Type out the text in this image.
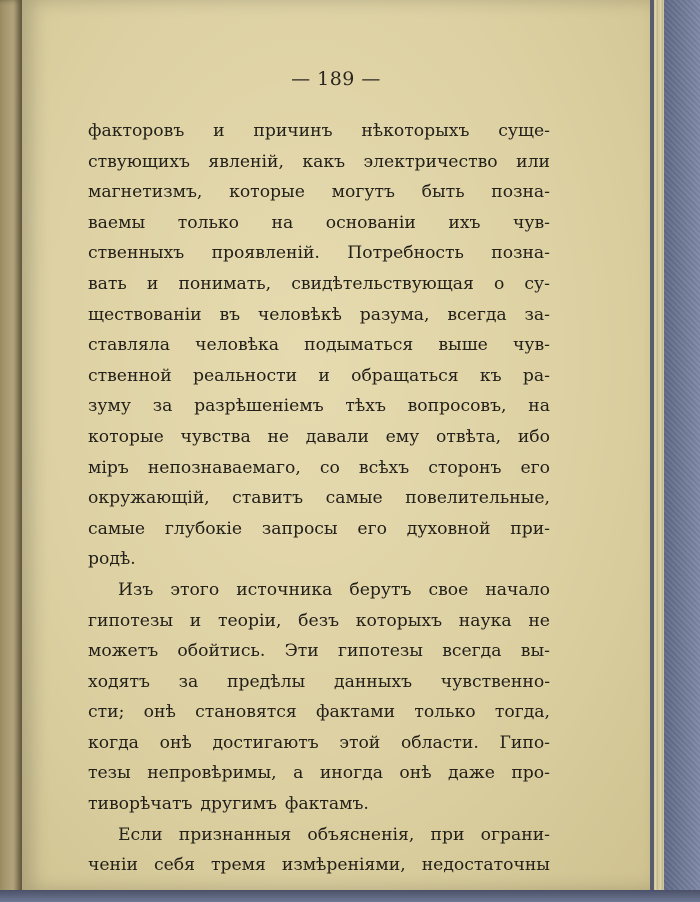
— 189 —
факторовъ и причинъ нѣкоторыхъ суще-
ствующихъ явленій, какъ электричество или
магнетизмъ, которые могутъ быть позна-
ваемы только на основаніи ихъ чув-
ственныхъ проявленій. Потребность позна-
вать и понимать, свидѣтельствующая о су-
ществованіи въ человѣкѣ разума, всегда за-
ставляла человѣка подыматься выше чув-
ственной реальности и обращаться къ ра-
зуму за разрѣшеніемъ тѣхъ вопросовъ, на
которые чувства не давали ему отвѣта, ибо
міръ непознаваемаго, со всѣхъ сторонъ его
окружающій, ставитъ самые повелительные,
самые глубокіе запросы его духовной при-
родѣ.
Изъ этого источника берутъ свое начало
гипотезы и теоріи, безъ которыхъ наука не
можетъ обойтись. Эти гипотезы всегда вы-
ходятъ за предѣлы данныхъ чувственно-
сти; онѣ становятся фактами только тогда,
когда онѣ достигаютъ этой области. Гипо-
тезы непровѣримы, а иногда онѣ даже про-
тиворѣчатъ другимъ фактамъ.
Если признанныя объясненія, при ограни-
ченіи себя тремя измѣреніями, недостаточны
